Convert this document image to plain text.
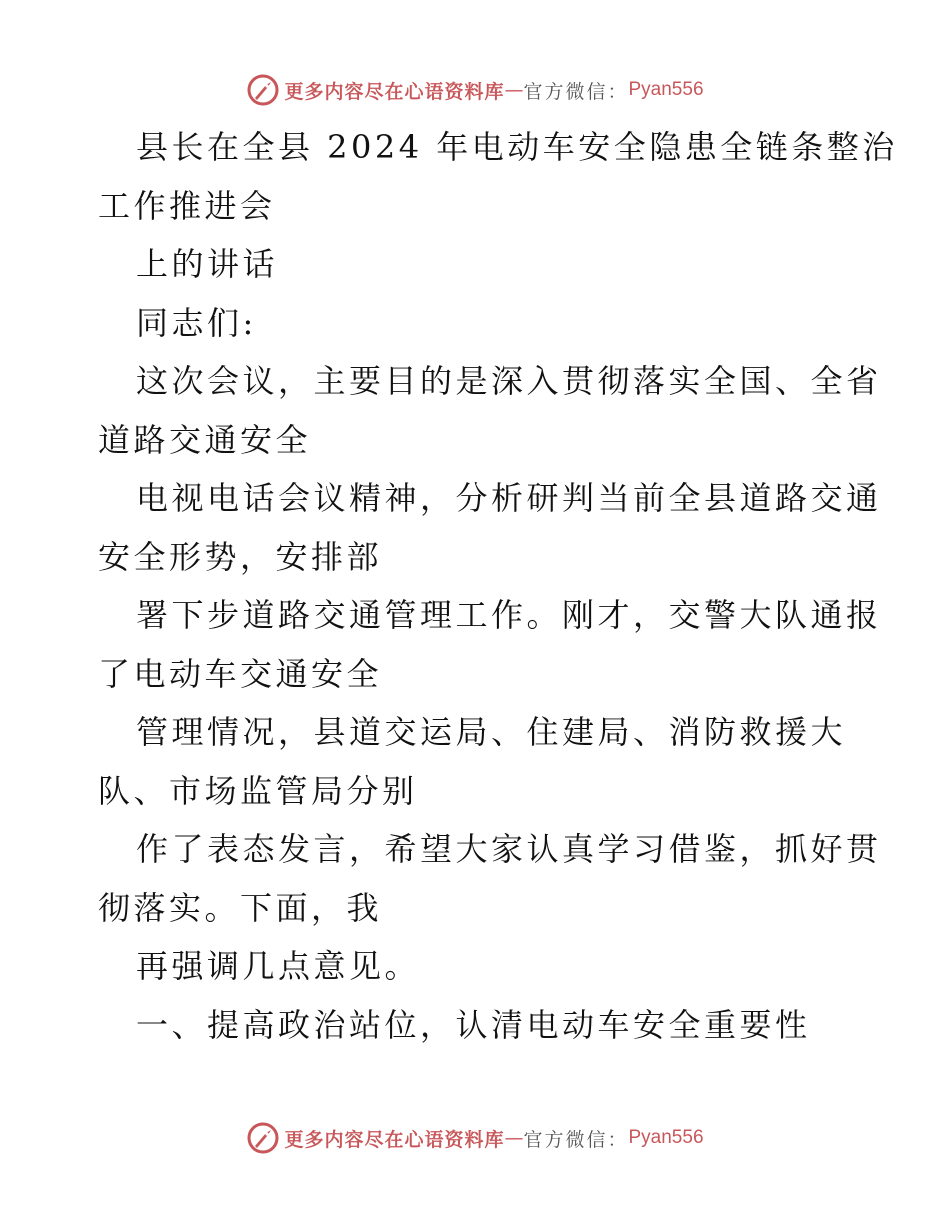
更多内容尽在心语资料库 — 官方微信： Pyan556

县长在全县 2024 年电动车安全隐患全链条整治

工作推进会

上的讲话

同志们:

这次会议，主要目的是深入贯彻落实全国、全省

道路交通安全

电视电话会议精神，分析研判当前全县道路交通

安全形势，安排部

署下步道路交通管理工作。刚才，交警大队通报

了电动车交通安全

管理情况，县道交运局、住建局、消防救援大

队、市场监管局分别

作了表态发言，希望大家认真学习借鉴，抓好贯

彻落实。下面，我

再强调几点意见。

一、提高政治站位，认清电动车安全重要性

更多内容尽在心语资料库 — 官方微信： Pyan556
